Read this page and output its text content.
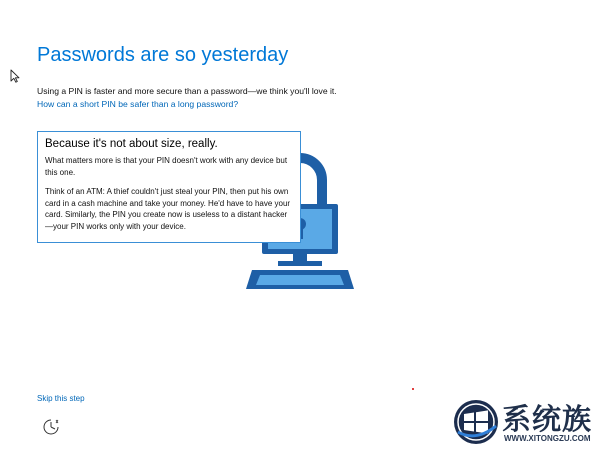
Passwords are so yesterday
Using a PIN is faster and more secure than a password—we think you'll love it.
How can a short PIN be safer than a long password?
Because it's not about size, really.

What matters more is that your PIN doesn't work with any device but this one.

Think of an ATM: A thief couldn't just steal your PIN, then put his own card in a cash machine and take your money. He'd have to have your card. Similarly, the PIN you create now is useless to a distant hacker—your PIN works only with your device.

Skip this step
系统族
WWW.XITONGZU.COM
